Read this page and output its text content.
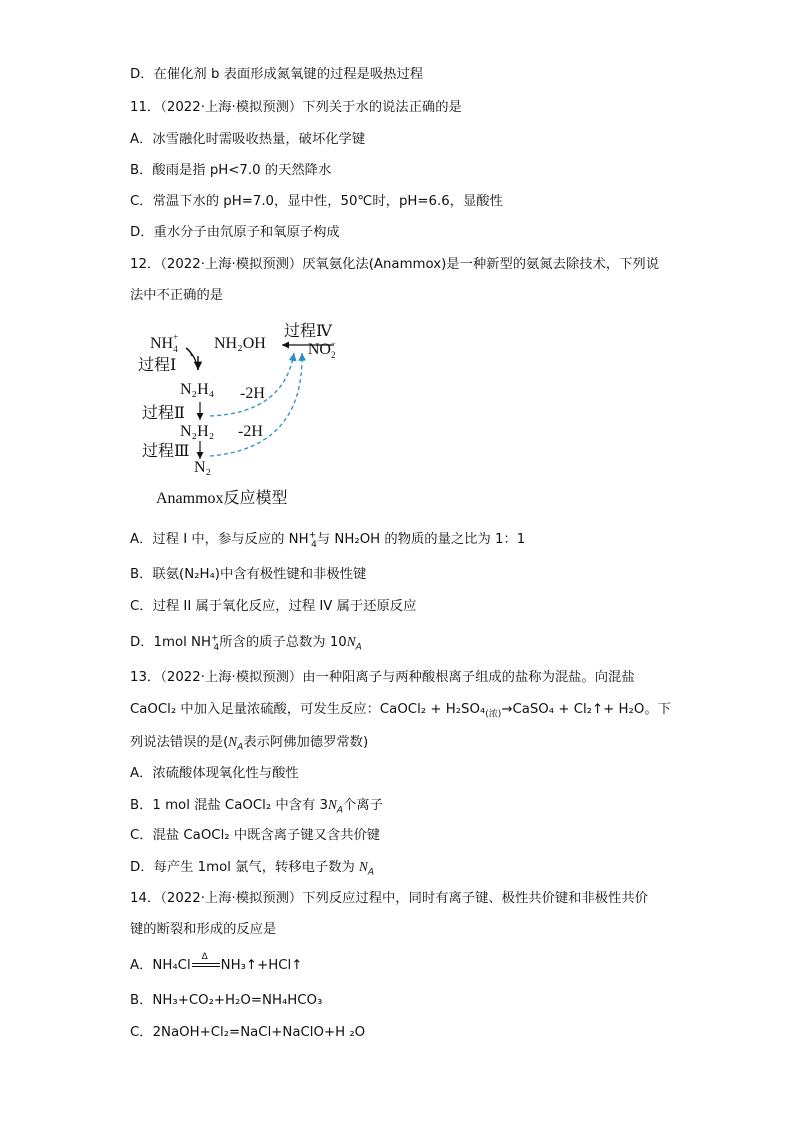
D．在催化剂 b 表面形成氮氧键的过程是吸热过程
11．（2022·上海·模拟预测）下列关于水的说法正确的是
A．冰雪融化时需吸收热量，破坏化学键
B．酸雨是指 pH<7.0 的天然降水
C．常温下水的 pH=7.0，显中性，50℃时，pH=6.6，显酸性
D．重水分子由氘原子和氧原子构成
12．（2022·上海·模拟预测）厌氧氨化法(Anammox)是一种新型的氨氮去除技术，下列说
法中不正确的是
NH+ 4 NH₂OH
过程Ⅳ
NO− 2
过程Ⅰ
N₂H₄ -2H
过程Ⅱ
N₂H₂ -2H
过程Ⅲ
N₂
Anammox反应模型
A．过程 I 中，参与反应的 $NH^+_4$与 NH₂OH 的物质的量之比为 1：1
B．联氨(N₂H₄)中含有极性键和非极性键
C．过程 II 属于氧化反应，过程 IV 属于还原反应
D．1mol $NH^+_4$所含的质子总数为 $10N_A$
13．（2022·上海·模拟预测）由一种阳离子与两种酸根离子组成的盐称为混盐。向混盐
CaOCl₂ 中加入足量浓硫酸，可发生反应：CaOCl₂ + $H_2SO_4_{(浓)}\to CaSO_4$ + Cl₂↑+ H₂O。下
列说法错误的是($N_A$表示阿佛加德罗常数)
A．浓硫酸体现氧化性与酸性
B．1 mol 混盐 CaOCl₂ 中含有 $3N_A$个离子
C．混盐 CaOCl₂ 中既含离子键又含共价键
D．每产生 1mol 氯气，转移电子数为 $N_A$
14．（2022·上海·模拟预测）下列反应过程中，同时有离子键、极性共价键和非极性共价
键的断裂和形成的反应是
A．NH₄Cl
Δ
NH₃↑+HCl↑
B．NH₃+CO₂+H₂O=NH₄HCO₃
C．2NaOH+Cl₂=NaCl+NaClO+H ₂O
